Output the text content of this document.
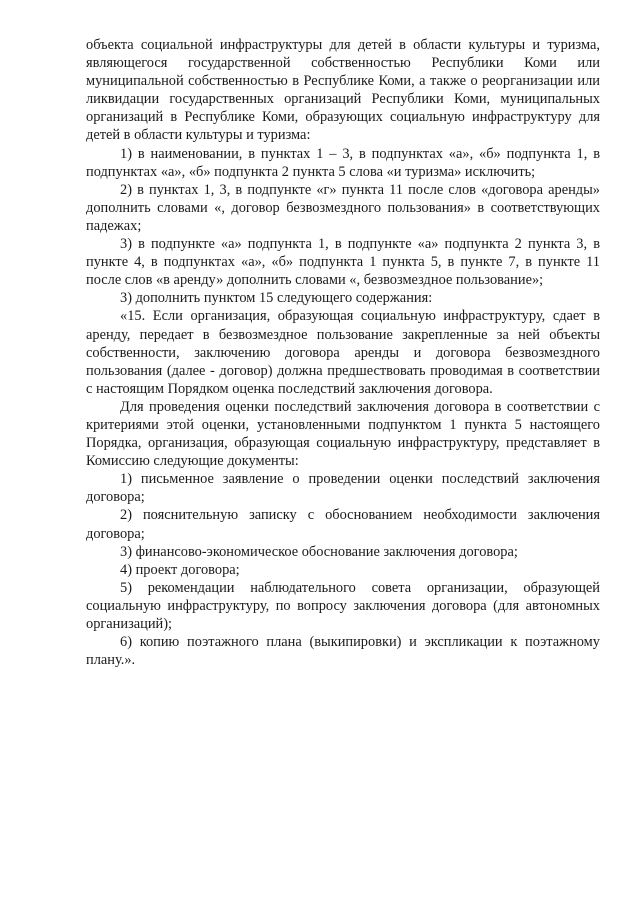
объекта социальной инфраструктуры для детей в области культуры и туризма, являющегося государственной собственностью Республики Коми или муниципальной собственностью в Республике Коми, а также о реорганизации или ликвидации государственных организаций Республики Коми, муниципальных организаций в Республике Коми, образующих социальную инфраструктуру для детей в области культуры и туризма:

1) в наименовании, в пунктах 1 – 3, в подпунктах «а», «б» подпункта 1, в подпунктах «а», «б» подпункта 2 пункта 5 слова «и туризма» исключить;

2) в пунктах 1, 3, в подпункте «г» пункта 11 после слов «договора аренды» дополнить словами «, договор безвозмездного пользования» в соответствующих падежах;

3) в подпункте «а» подпункта 1, в подпункте «а» подпункта 2 пункта 3, в пункте 4, в подпунктах «а», «б» подпункта 1 пункта 5, в пункте 7, в пункте 11 после слов «в аренду» дополнить словами «, безвозмездное пользование»;

3) дополнить пунктом 15 следующего содержания:

«15. Если организация, образующая социальную инфраструктуру, сдает в аренду, передает в безвозмездное пользование закрепленные за ней объекты собственности, заключению договора аренды и договора безвозмездного пользования (далее - договор) должна предшествовать проводимая в соответствии с настоящим Порядком оценка последствий заключения договора.

Для проведения оценки последствий заключения договора в соответствии с критериями этой оценки, установленными подпунктом 1 пункта 5 настоящего Порядка, организация, образующая социальную инфраструктуру, представляет в Комиссию следующие документы:

1) письменное заявление о проведении оценки последствий заключения договора;

2) пояснительную записку с обоснованием необходимости заключения договора;

3) финансово-экономическое обоснование заключения договора;

4) проект договора;

5) рекомендации наблюдательного совета организации, образующей социальную инфраструктуру, по вопросу заключения договора (для автономных организаций);

6) копию поэтажного плана (выкипировки) и экспликации к поэтажному плану.».
